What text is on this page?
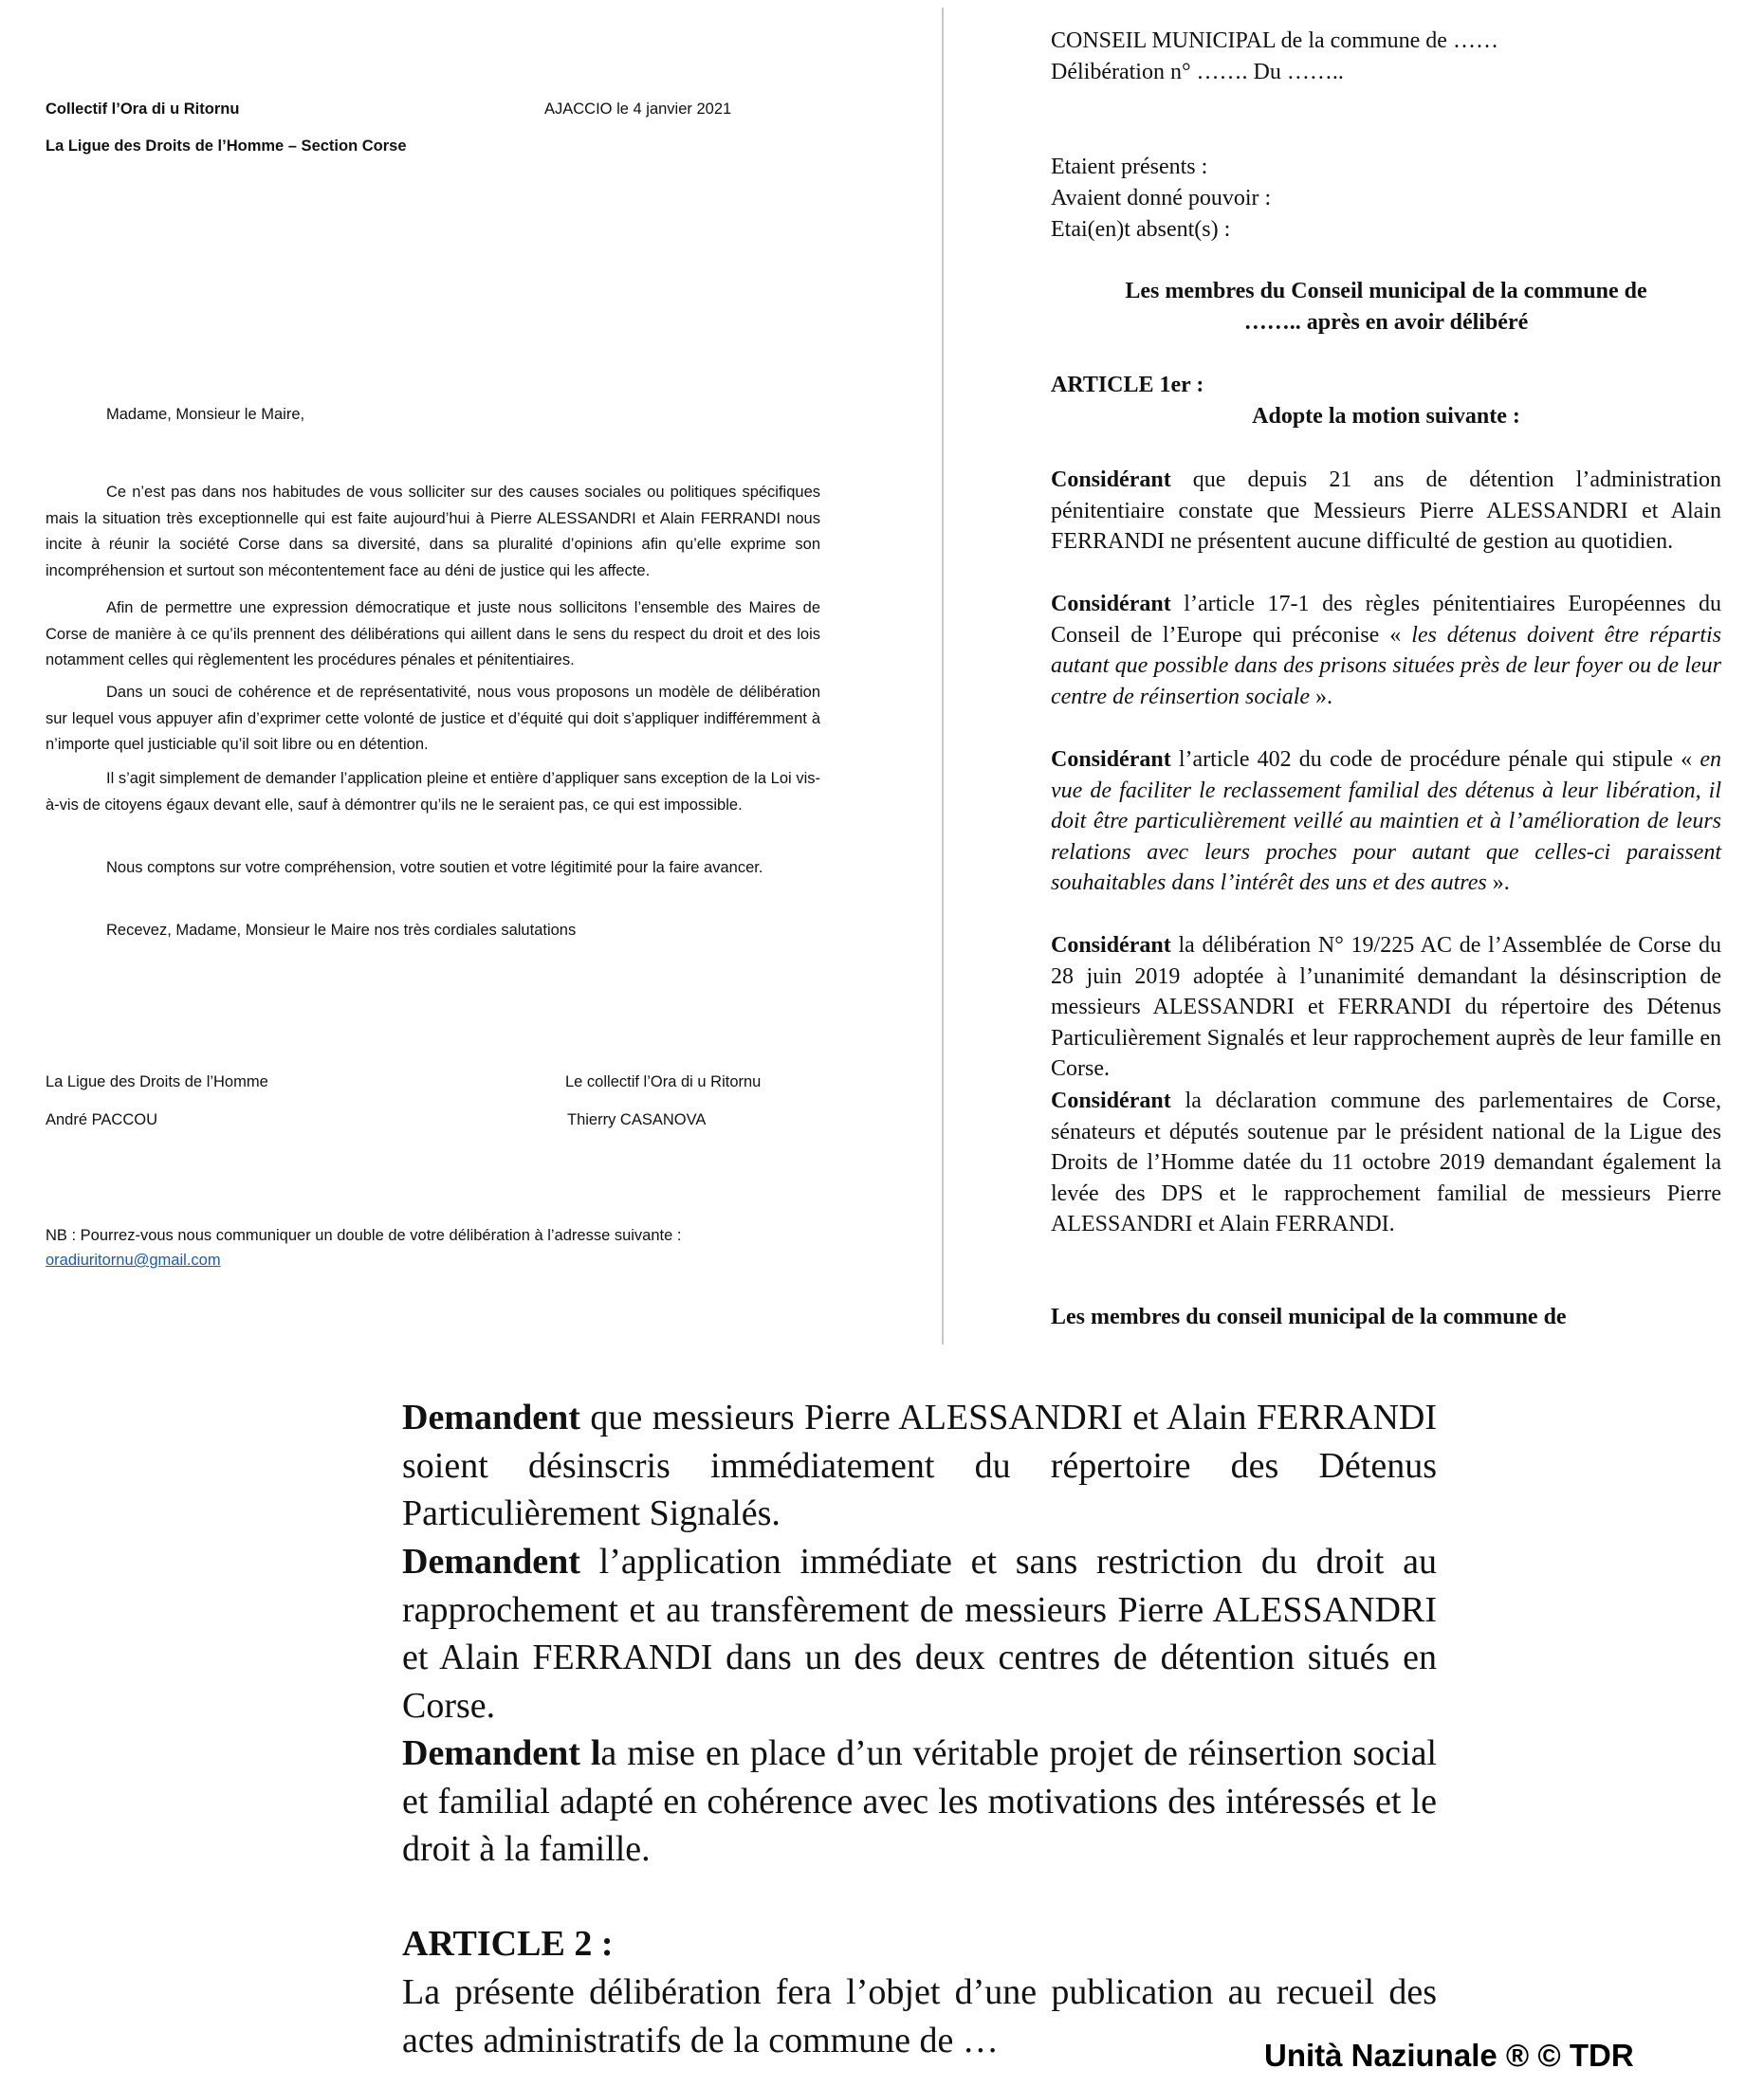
Collectif l’Ora di u Ritornu	AJACCIO le 4 janvier 2021
La Ligue des Droits de l’Homme – Section Corse
Madame, Monsieur le Maire,
Ce n’est pas dans nos habitudes de vous solliciter sur des causes sociales ou politiques spécifiques mais la situation très exceptionnelle qui est faite aujourd’hui à Pierre ALESSANDRI et Alain FERRANDI nous incite à réunir la société Corse dans sa diversité, dans sa pluralité d’opinions afin qu’elle exprime son incompréhension et surtout son mécontentement face au déni de justice qui les affecte.
Afin de permettre une expression démocratique et juste nous sollicitons l’ensemble des Maires de Corse de manière à ce qu’ils prennent des délibérations qui aillent dans le sens du respect du droit et des lois notamment celles qui règlementent les procédures pénales et pénitentiaires.
Dans un souci de cohérence et de représentativité, nous vous proposons un modèle de délibération sur lequel vous appuyer afin d’exprimer cette volonté de justice et d’équité qui doit s’appliquer indifféremment à n’importe quel justiciable qu’il soit libre ou en détention.
Il s’agit simplement de demander l’application pleine et entière d’appliquer sans exception de la Loi vis-à-vis de citoyens égaux devant elle, sauf à démontrer qu’ils ne le seraient pas, ce qui est impossible.
Nous comptons sur votre compréhension, votre soutien et votre légitimité pour la faire avancer.
Recevez, Madame, Monsieur le Maire nos très cordiales salutations
La Ligue des Droits de l’Homme
André PACCOU
Le collectif l’Ora di u Ritornu
Thierry CASANOVA
NB : Pourrez-vous nous communiquer un double de votre délibération à l’adresse suivante :
oradiuritornu@gmail.com
CONSEIL MUNICIPAL de la commune de ……
Délibération n° ……. Du ……..
Etaient présents :
Avaient donné pouvoir :
Etai(en)t absent(s) :
Les membres du Conseil municipal de la commune de
…….. après en avoir délibéré
ARTICLE 1er :
Adopte la motion suivante :
Considérant que depuis 21 ans de détention l’administration pénitentiaire constate que Messieurs Pierre ALESSANDRI et Alain FERRANDI ne présentent aucune difficulté de gestion au quotidien.
Considérant l’article 17-1 des règles pénitentiaires Européennes du Conseil de l’Europe qui préconise « les détenus doivent être répartis autant que possible dans des prisons situées près de leur foyer ou de leur centre de réinsertion sociale ».
Considérant l’article 402 du code de procédure pénale qui stipule « en vue de faciliter le reclassement familial des détenus à leur libération, il doit être particulièrement veillé au maintien et à l’amélioration de leurs relations avec leurs proches pour autant que celles-ci paraissent souhaitables dans l’intérêt des uns et des autres ».
Considérant la délibération N° 19/225 AC de l’Assemblée de Corse du 28 juin 2019 adoptée à l’unanimité demandant la désinscription de messieurs ALESSANDRI et FERRANDI du répertoire des Détenus Particulièrement Signalés et leur rapprochement auprès de leur famille en Corse.
Considérant la déclaration commune des parlementaires de Corse, sénateurs et députés soutenue par le président national de la Ligue des Droits de l’Homme datée du 11 octobre 2019 demandant également la levée des DPS et le rapprochement familial de messieurs Pierre ALESSANDRI et Alain FERRANDI.
Les membres du conseil municipal de la commune de
Demandent que messieurs Pierre ALESSANDRI et Alain FERRANDI soient désinscris immédiatement du répertoire des Détenus Particulièrement Signalés.
Demandent l’application immédiate et sans restriction du droit au rapprochement et au transfèrement de messieurs Pierre ALESSANDRI et Alain FERRANDI dans un des deux centres de détention situés en Corse.
Demandent la mise en place d’un véritable projet de réinsertion social et familial adapté en cohérence avec les motivations des intéressés et le droit à la famille.
ARTICLE 2 :
La présente délibération fera l’objet d’une publication au recueil des actes administratifs de la commune de …	Unità Naziunale ® © TDR
